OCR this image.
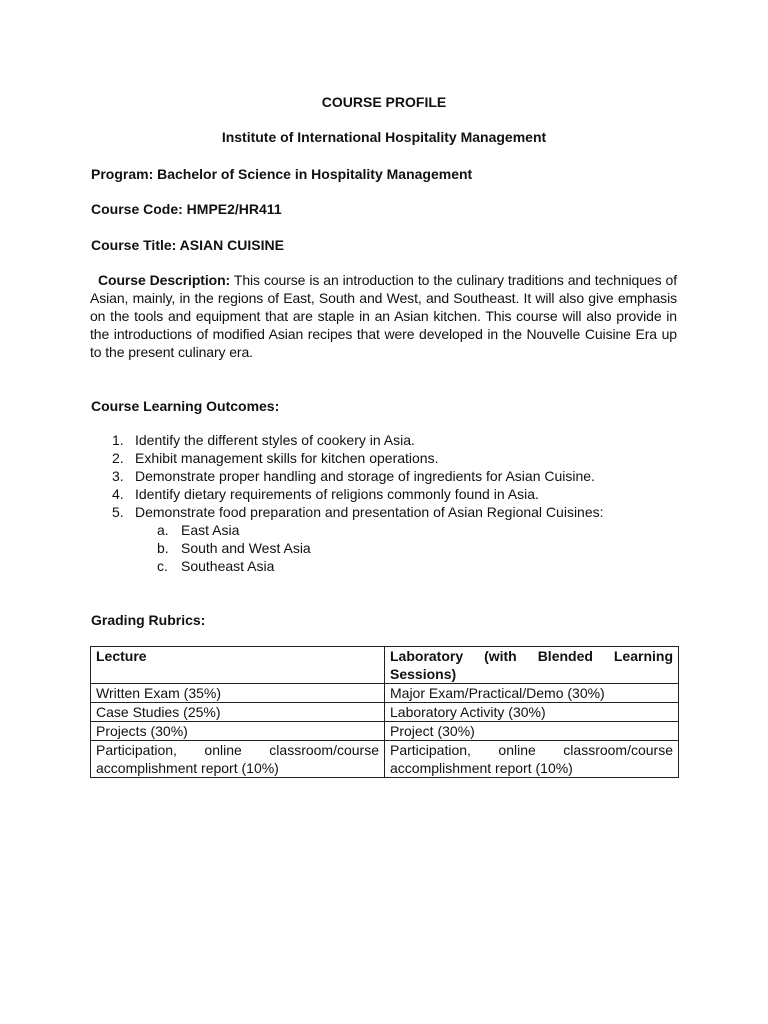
COURSE PROFILE
Institute of International Hospitality Management
Program: Bachelor of Science in Hospitality Management
Course Code: HMPE2/HR411
Course Title: ASIAN CUISINE
Course Description: This course is an introduction to the culinary traditions and techniques of Asian, mainly, in the regions of East, South and West, and Southeast. It will also give emphasis on the tools and equipment that are staple in an Asian kitchen. This course will also provide in the introductions of modified Asian recipes that were developed in the Nouvelle Cuisine Era up to the present culinary era.
Course Learning Outcomes:
1. Identify the different styles of cookery in Asia.
2. Exhibit management skills for kitchen operations.
3. Demonstrate proper handling and storage of ingredients for Asian Cuisine.
4. Identify dietary requirements of religions commonly found in Asia.
5. Demonstrate food preparation and presentation of Asian Regional Cuisines:
a. East Asia
b. South and West Asia
c. Southeast Asia
Grading Rubrics:
Lecture	Laboratory (with Blended Learning Sessions)
Written Exam (35%)	Major Exam/Practical/Demo (30%)
Case Studies (25%)	Laboratory Activity (30%)
Projects (30%)	Project (30%)
Participation, online classroom/course accomplishment report (10%)	Participation, online classroom/course accomplishment report (10%)
